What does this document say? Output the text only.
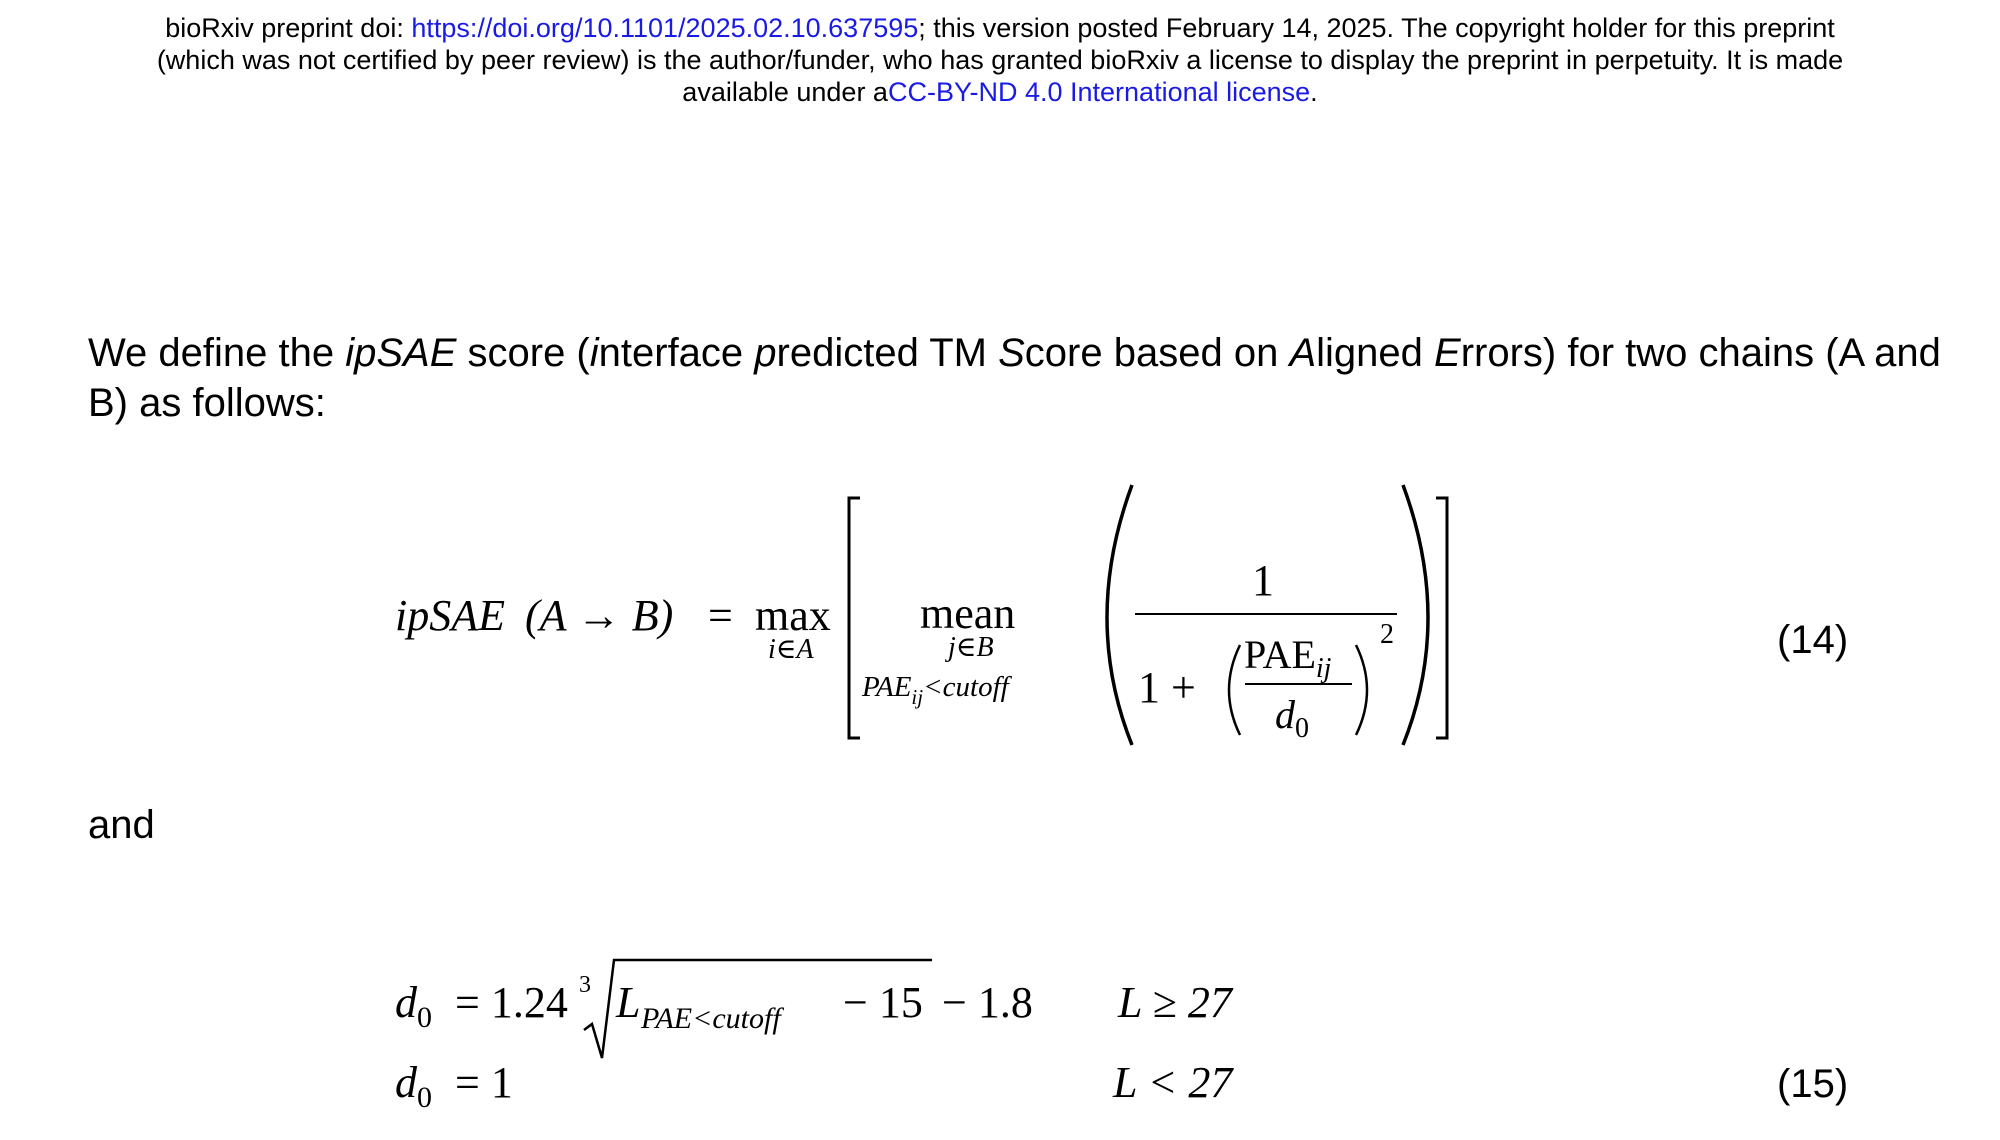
bioRxiv preprint doi: https://doi.org/10.1101/2025.02.10.637595; this version posted February 14, 2025. The copyright holder for this preprint
(which was not certified by peer review) is the author/funder, who has granted bioRxiv a license to display the preprint in perpetuity. It is made
available under aCC-BY-ND 4.0 International license.
We define the ipSAE score (interface predicted TM Score based on Aligned Errors) for two chains (A and B) as follows:
ipSAE (A → B) = max
i∈A
mean
j∈B
$PAE_{ij}<cutoff$
1
1 +
$PAE_{ij}$
$d_0$
2	(14)
and
$d_0 = 1.24$ 3 L PAE<cutoff − 15 − 1.8 L ≥ 27
$d_0 = 1$	L < 27	(15)
